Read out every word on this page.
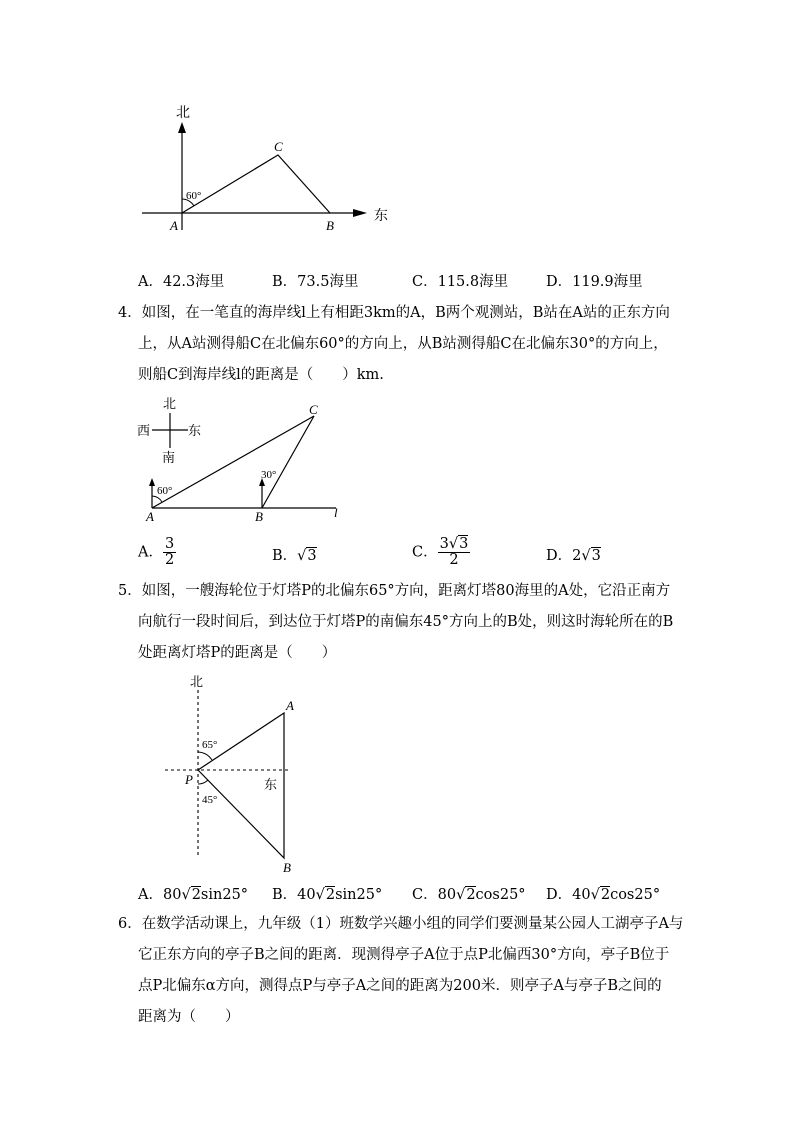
北
东
60°
A	B
C
A．42.3海里	B．73.5海里	C．115.8海里	D．119.9海里
4．如图，在一笔直的海岸线l上有相距3km的A，B两个观测站，B站在A站的正东方向
上，从A站测得船C在北偏东60°的方向上，从B站测得船C在北偏东30°的方向上，
则船C到海岸线l的距离是（　　）km.
北
南
西	东
60°
30°
A	B
C
l
A． $\frac{3}{2}$	B．√3	C． $\frac{3√3}{2}$	D．2√3
5．如图，一艘海轮位于灯塔P的北偏东65°方向，距离灯塔80海里的A处，它沿正南方
向航行一段时间后，到达位于灯塔P的南偏东45°方向上的B处，则这时海轮所在的B
处距离灯塔P的距离是（　　）
北
东
65°
45°
A
B
P
A．80√2sin25° B．40√2sin25° C．80√2cos25° D．40√2cos25°
6．在数学活动课上，九年级（1）班数学兴趣小组的同学们要测量某公园人工湖亭子A与
它正东方向的亭子B之间的距离．现测得亭子A位于点P北偏西30°方向，亭子B位于
点P北偏东α方向，测得点P与亭子A之间的距离为200米．则亭子A与亭子B之间的
距离为（　　）
